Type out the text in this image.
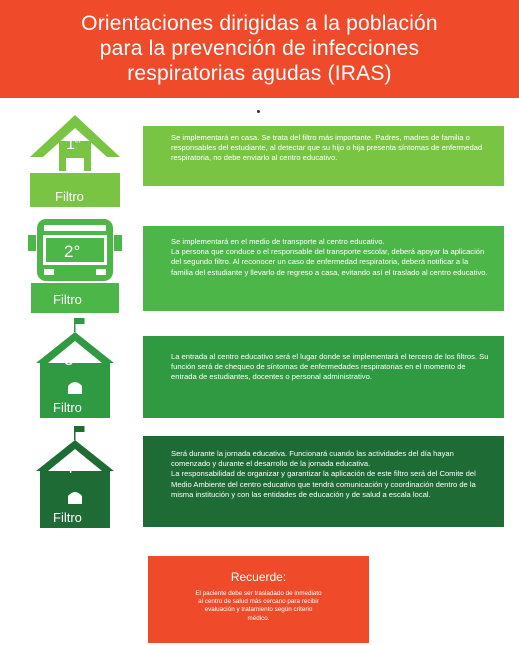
Orientaciones dirigidas a la población
para la prevención de infecciones
respiratorias agudas (IRAS)
1er
Filtro

Se implementará en casa. Se trata del filtro más importante. Padres, madres de familia o responsables del estudiante, al detectar que su hijo o hija presenta síntomas de enfermedad respiratoria, no debe enviarlo al centro educativo.

2°
Filtro

Se implementará en el medio de transporte al centro educativo.

La persona que conduce o el responsable del transporte escolar, deberá apoyar la aplicación del segundo filtro. Al reconocer un caso de enfermedad respiratoria, deberá notificar a la familia del estudiante y llevarlo de regreso a casa, evitando así el traslado al centro educativo.

3°
Filtro

La entrada al centro educativo será el lugar donde se implementará el tercero de los filtros. Su función será de chequeo de síntomas de enfermedades respiratorias en el momento de entrada de estudiantes, docentes o personal administrativo.

4°
Filtro

Será durante la jornada educativa. Funcionará cuando las actividades del día hayan comenzado y durante el desarrollo de la jornada educativa.

La responsabilidad de organizar y garantizar la aplicación de este filtro será del Comite del Medio Ambiente del centro educativo que tendrá comunicación y coordinación dentro de la misma institución y con las entidades de educación y de salud a escala local.

Recuerde:
El paciente debe ser trasladado de inmediato al centro de salud más cercano para recibir evaluación y tratamiento según criterio médico.
